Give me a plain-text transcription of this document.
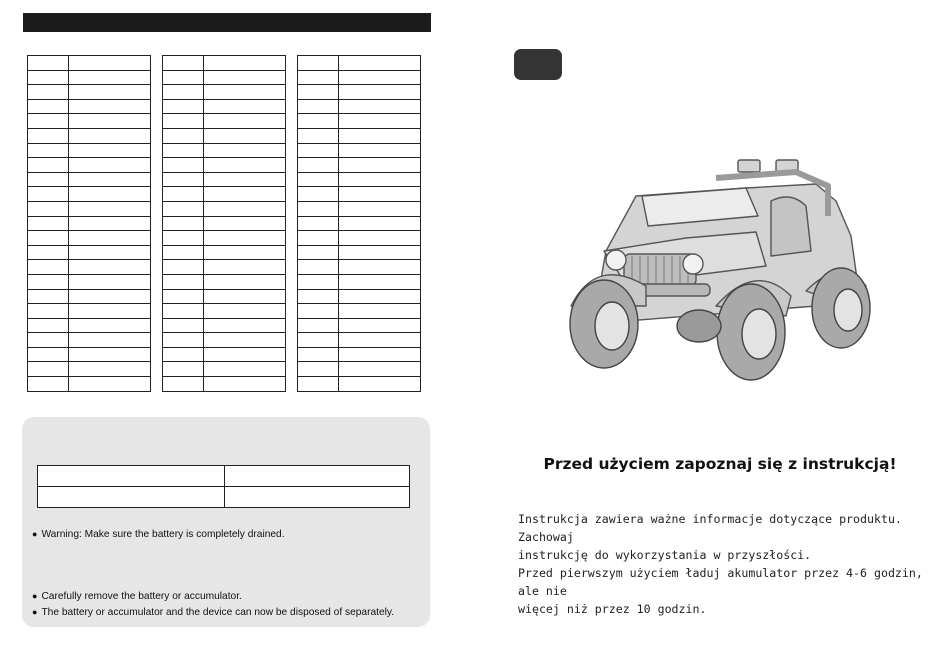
● Warning: Make sure the battery is completely drained.
● Carefully remove the battery or accumulator.
● The battery or accumulator and the device can now be disposed of separately.
Przed użyciem zapoznaj się z instrukcją!

Instrukcja zawiera ważne informacje dotyczące produktu. Zachowaj

instrukcję do wykorzystania w przyszłości.

Przed pierwszym użyciem ładuj akumulator przez 4-6 godzin, ale nie

więcej niż przez 10 godzin.
